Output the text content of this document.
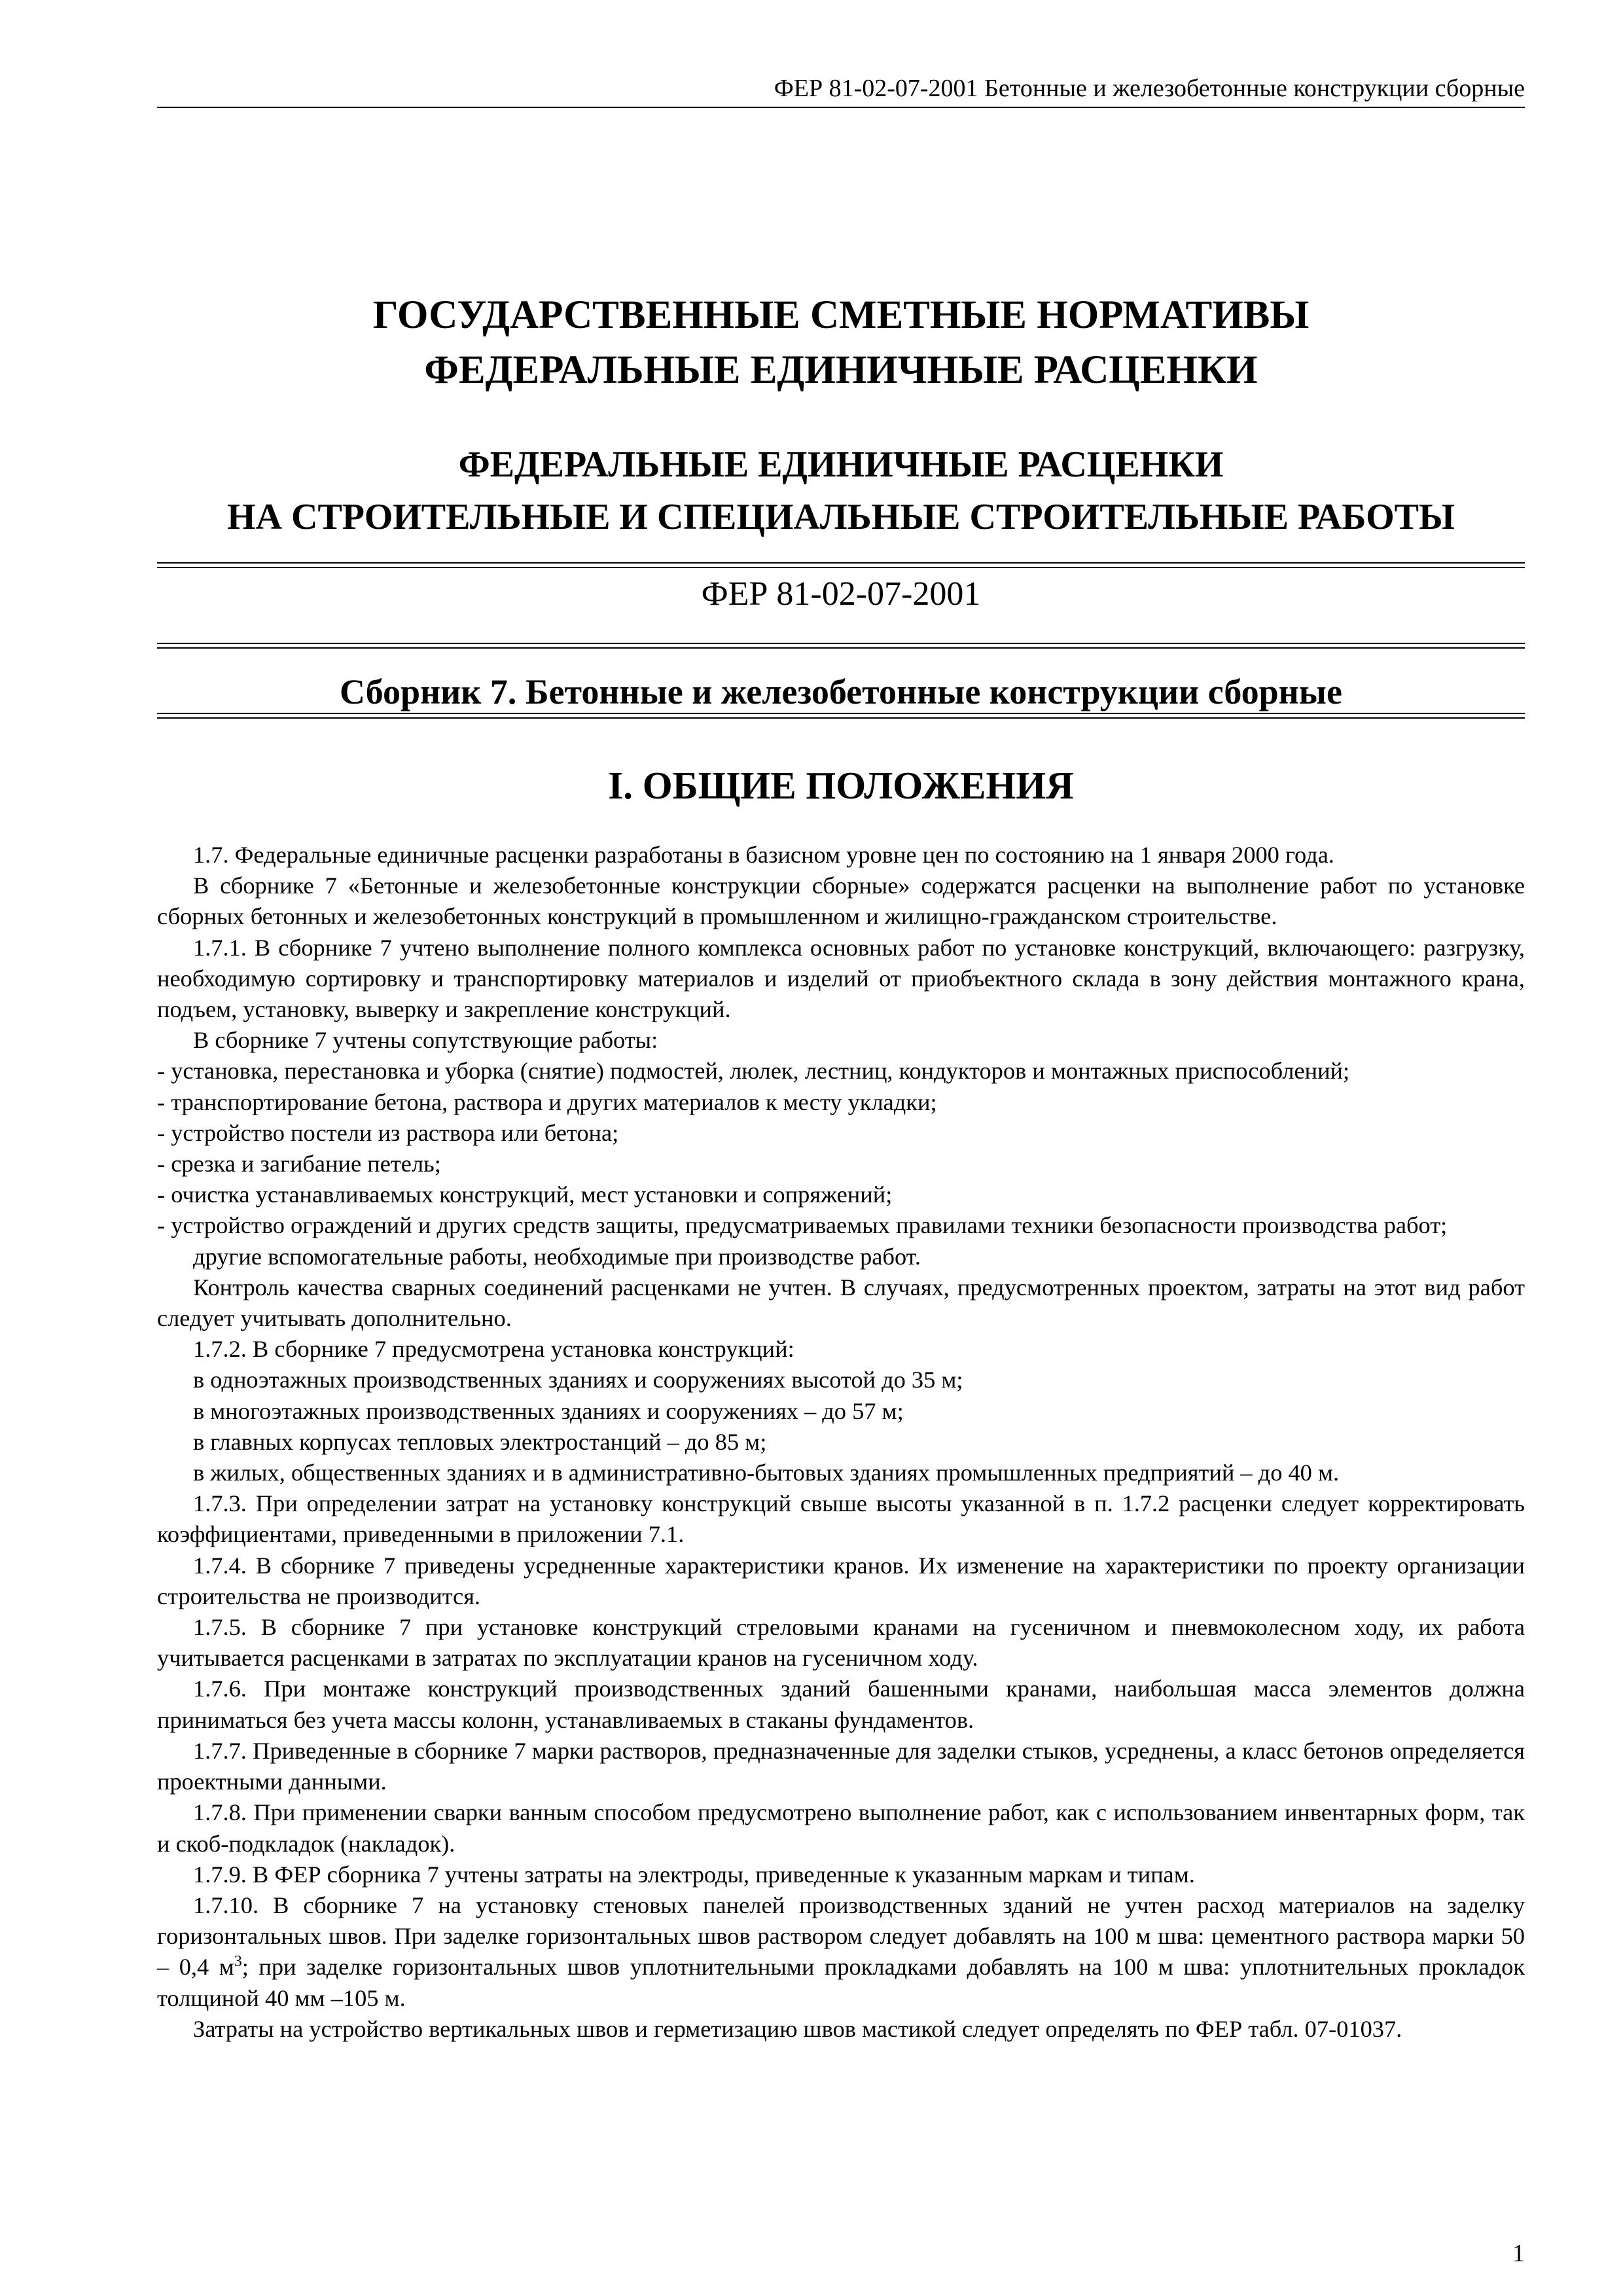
ФЕР 81-02-07-2001 Бетонные и железобетонные конструкции сборные
ГОСУДАРСТВЕННЫЕ СМЕТНЫЕ НОРМАТИВЫ
ФЕДЕРАЛЬНЫЕ ЕДИНИЧНЫЕ РАСЦЕНКИ
ФЕДЕРАЛЬНЫЕ ЕДИНИЧНЫЕ РАСЦЕНКИ
НА СТРОИТЕЛЬНЫЕ И СПЕЦИАЛЬНЫЕ СТРОИТЕЛЬНЫЕ РАБОТЫ
ФЕР 81-02-07-2001
Сборник 7. Бетонные и железобетонные конструкции сборные
I. ОБЩИЕ ПОЛОЖЕНИЯ

1.7. Федеральные единичные расценки разработаны в базисном уровне цен по состоянию на 1 января 2000 года.

В сборнике 7 «Бетонные и железобетонные конструкции сборные» содержатся расценки на выполнение работ по установке сборных бетонных и железобетонных конструкций в промышленном и жилищно-гражданском строительстве.

1.7.1. В сборнике 7 учтено выполнение полного комплекса основных работ по установке конструкций, включающего: разгрузку, необходимую сортировку и транспортировку материалов и изделий от приобъектного склада в зону действия монтажного крана, подъем, установку, выверку и закрепление конструкций.

В сборнике 7 учтены сопутствующие работы:

- установка, перестановка и уборка (снятие) подмостей, люлек, лестниц, кондукторов и монтажных приспособлений;

- транспортирование бетона, раствора и других материалов к месту укладки;

- устройство постели из раствора или бетона;

- срезка и загибание петель;

- очистка устанавливаемых конструкций, мест установки и сопряжений;

- устройство ограждений и других средств защиты, предусматриваемых правилами техники безопасности производства работ;

другие вспомогательные работы, необходимые при производстве работ.

Контроль качества сварных соединений расценками не учтен. В случаях, предусмотренных проектом, затраты на этот вид работ следует учитывать дополнительно.

1.7.2. В сборнике 7 предусмотрена установка конструкций:

в одноэтажных производственных зданиях и сооружениях высотой до 35 м;

в многоэтажных производственных зданиях и сооружениях – до 57 м;

в главных корпусах тепловых электростанций – до 85 м;

в жилых, общественных зданиях и в административно-бытовых зданиях промышленных предприятий – до 40 м.

1.7.3. При определении затрат на установку конструкций свыше высоты указанной в п. 1.7.2 расценки следует корректировать коэффициентами, приведенными в приложении 7.1.

1.7.4. В сборнике 7 приведены усредненные характеристики кранов. Их изменение на характеристики по проекту организации строительства не производится.

1.7.5. В сборнике 7 при установке конструкций стреловыми кранами на гусеничном и пневмоколесном ходу, их работа учитывается расценками в затратах по эксплуатации кранов на гусеничном ходу.

1.7.6. При монтаже конструкций производственных зданий башенными кранами, наибольшая масса элементов должна приниматься без учета массы колонн, устанавливаемых в стаканы фундаментов.

1.7.7. Приведенные в сборнике 7 марки растворов, предназначенные для заделки стыков, усреднены, а класс бетонов определяется проектными данными.

1.7.8. При применении сварки ванным способом предусмотрено выполнение работ, как с использованием инвентарных форм, так и скоб-подкладок (накладок).

1.7.9. В ФЕР сборника 7 учтены затраты на электроды, приведенные к указанным маркам и типам.

1.7.10. В сборнике 7 на установку стеновых панелей производственных зданий не учтен расход материалов на заделку горизонтальных швов. При заделке горизонтальных швов раствором следует добавлять на 100 м шва: цементного раствора марки 50 – 0,4 $м^3$; при заделке горизонтальных швов уплотнительными прокладками добавлять на 100 м шва: уплотнительных прокладок толщиной 40 мм –105 м.

Затраты на устройство вертикальных швов и герметизацию швов мастикой следует определять по ФЕР табл. 07-01037.

1
